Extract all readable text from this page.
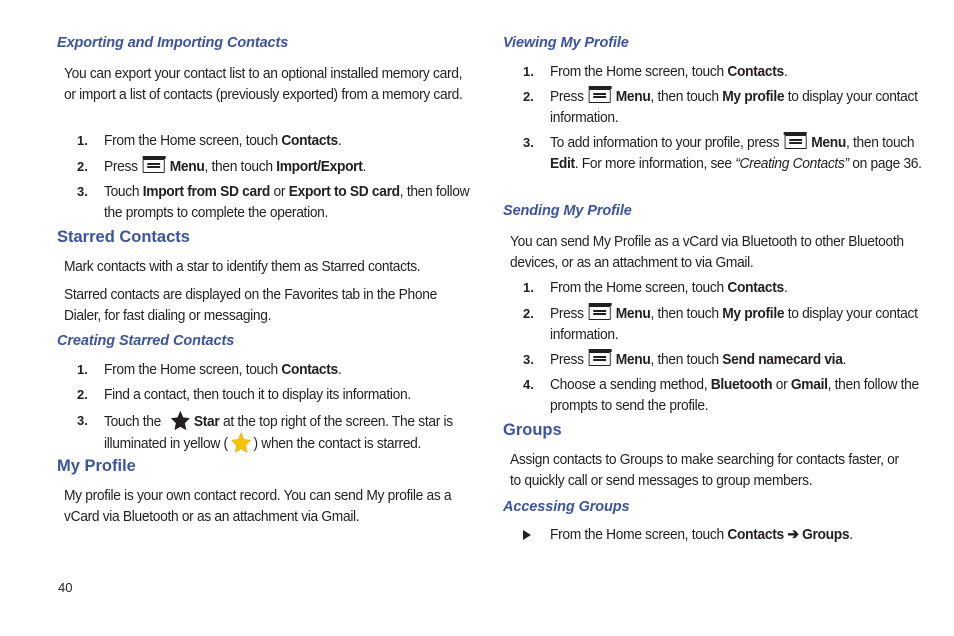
Exporting and Importing Contacts

You can export your contact list to an optional installed memory card, or import a list of contacts (previously exported) from a memory card.

1. From the Home screen, touch Contacts.
2. Press Menu, then touch Import/Export.
3. Touch Import from SD card or Export to SD card, then follow the prompts to complete the operation.
Starred Contacts

Mark contacts with a star to identify them as Starred contacts.

Starred contacts are displayed on the Favorites tab in the Phone Dialer, for fast dialing or messaging.

Creating Starred Contacts
1. From the Home screen, touch Contacts.
2. Find a contact, then touch it to display its information.
3. Touch the Star at the top right of the screen. The star is illuminated in yellow ( ) when the contact is starred.
My Profile

My profile is your own contact record. You can send My profile as a vCard via Bluetooth or as an attachment via Gmail.

Viewing My Profile
1. From the Home screen, touch Contacts.
2. Press Menu, then touch My profile to display your contact information.
3. To add information to your profile, press Menu, then touch Edit. For more information, see “Creating Contacts” on page 36.
Sending My Profile

You can send My Profile as a vCard via Bluetooth to other Bluetooth devices, or as an attachment to via Gmail.

1. From the Home screen, touch Contacts.
2. Press Menu, then touch My profile to display your contact information.
3. Press Menu, then touch Send namecard via.
4. Choose a sending method, Bluetooth or Gmail, then follow the prompts to send the profile.
Groups

Assign contacts to Groups to make searching for contacts faster, or to quickly call or send messages to group members.

Accessing Groups
From the Home screen, touch Contacts ➔ Groups.
40
